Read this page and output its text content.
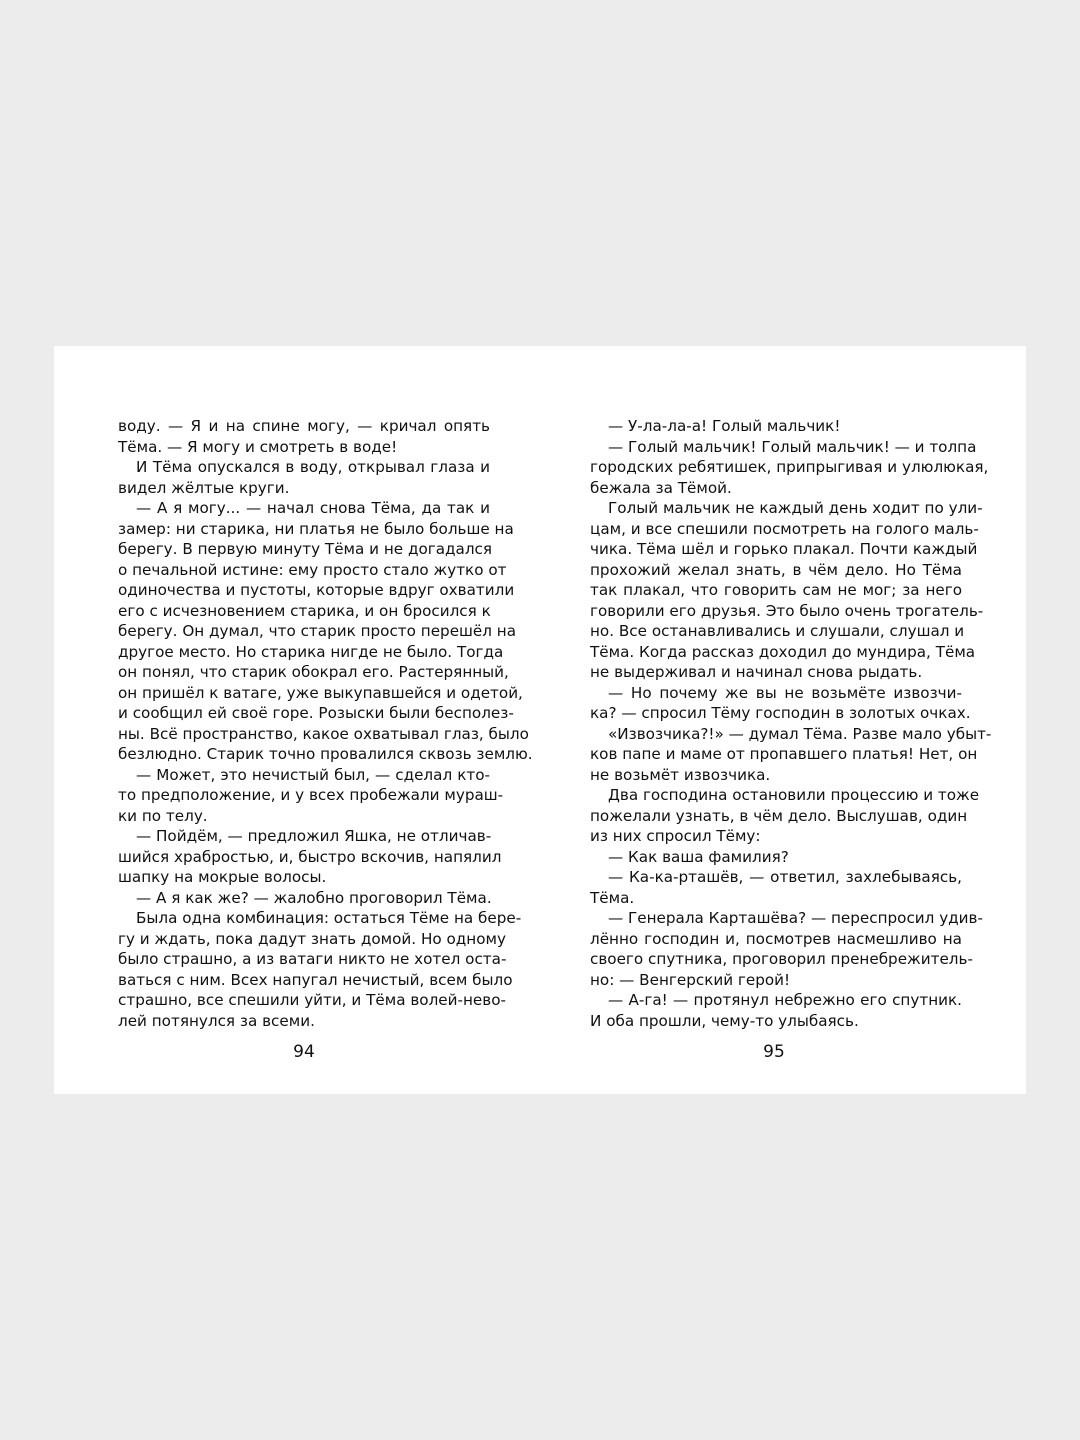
воду. — Я и на спине могу, — кричал опять
Тёма. — Я могу и смотреть в воде!
И Тёма опускался в воду, открывал глаза и
видел жёлтые круги.
— А я могу... — начал снова Тёма, да так и
замер: ни старика, ни платья не было больше на
берегу. В первую минуту Тёма и не догадался
о печальной истине: ему просто стало жутко от
одиночества и пустоты, которые вдруг охватили
его с исчезновением старика, и он бросился к
берегу. Он думал, что старик просто перешёл на
другое место. Но старика нигде не было. Тогда
он понял, что старик обокрал его. Растерянный,
он пришёл к ватаге, уже выкупавшейся и одетой,
и сообщил ей своё горе. Розыски были бесполез-
ны. Всё пространство, какое охватывал глаз, было
безлюдно. Старик точно провалился сквозь землю.
— Может, это нечистый был, — сделал кто-
то предположение, и у всех пробежали мураш-
ки по телу.
— Пойдём, — предложил Яшка, не отличав-
шийся храбростью, и, быстро вскочив, напялил
шапку на мокрые волосы.
— А я как же? — жалобно проговорил Тёма.
Была одна комбинация: остаться Тёме на бере-
гу и ждать, пока дадут знать домой. Но одному
было страшно, а из ватаги никто не хотел оста-
ваться с ним. Всех напугал нечистый, всем было
страшно, все спешили уйти, и Тёма волей-нево-
лей потянулся за всеми.
— У-ла-ла-а! Голый мальчик!
— Голый мальчик! Голый мальчик! — и толпа
городских ребятишек, припрыгивая и улюлюкая,
бежала за Тёмой.
Голый мальчик не каждый день ходит по ули-
цам, и все спешили посмотреть на голого маль-
чика. Тёма шёл и горько плакал. Почти каждый
прохожий желал знать, в чём дело. Но Тёма
так плакал, что говорить сам не мог; за него
говорили его друзья. Это было очень трогатель-
но. Все останавливались и слушали, слушал и
Тёма. Когда рассказ доходил до мундира, Тёма
не выдерживал и начинал снова рыдать.
— Но почему же вы не возьмёте извозчи-
ка? — спросил Тёму господин в золотых очках.
«Извозчика?!» — думал Тёма. Разве мало убыт-
ков папе и маме от пропавшего платья! Нет, он
не возьмёт извозчика.
Два господина остановили процессию и тоже
пожелали узнать, в чём дело. Выслушав, один
из них спросил Тёму:
— Как ваша фамилия?
— Ка-ка-рташёв, — ответил, захлебываясь,
Тёма.
— Генерала Карташёва? — переспросил удив-
лённо господин и, посмотрев насмешливо на
своего спутника, проговорил пренебрежитель-
но: — Венгерский герой!
— А-га! — протянул небрежно его спутник.
И оба прошли, чему-то улыбаясь.
94	95
